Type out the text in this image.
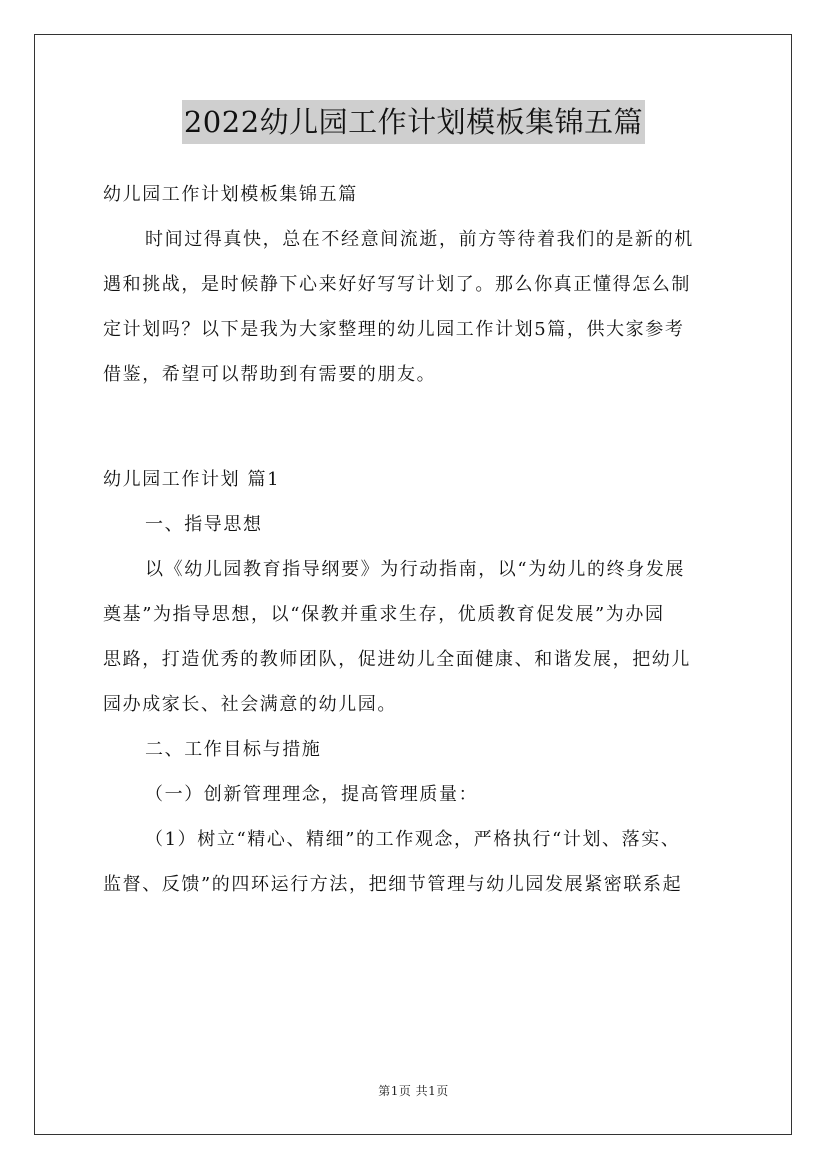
2022幼儿园工作计划模板集锦五篇

幼儿园工作计划模板集锦五篇

时间过得真快，总在不经意间流逝，前方等待着我们的是新的机

遇和挑战，是时候静下心来好好写写计划了。那么你真正懂得怎么制

定计划吗？以下是我为大家整理的幼儿园工作计划5篇，供大家参考

借鉴，希望可以帮助到有需要的朋友。

幼儿园工作计划 篇1

一、指导思想

以《幼儿园教育指导纲要》为行动指南，以“为幼儿的终身发展

奠基”为指导思想，以“保教并重求生存，优质教育促发展”为办园

思路，打造优秀的教师团队，促进幼儿全面健康、和谐发展，把幼儿

园办成家长、社会满意的幼儿园。

二、工作目标与措施

（一）创新管理理念，提高管理质量：

（1）树立“精心、精细”的工作观念，严格执行“计划、落实、

监督、反馈”的四环运行方法，把细节管理与幼儿园发展紧密联系起

第1页 共1页
